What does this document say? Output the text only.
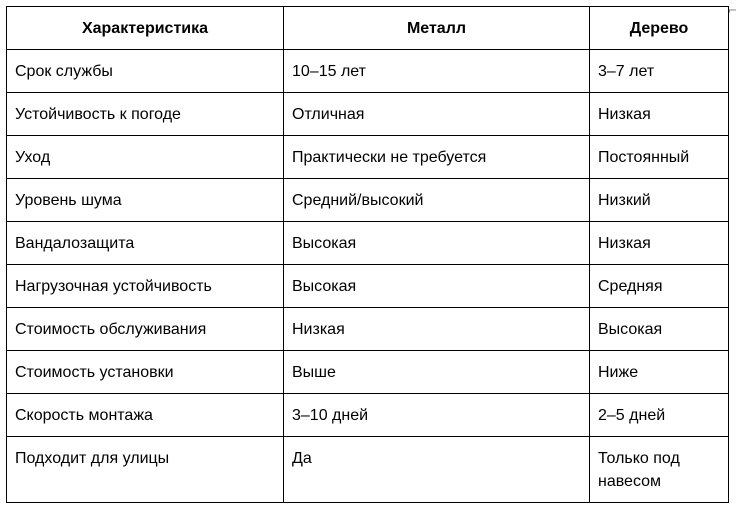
Характеристика	Металл	Дерево
Срок службы	10–15 лет	3–7 лет
Устойчивость к погоде	Отличная	Низкая
Уход	Практически не требуется	Постоянный
Уровень шума	Средний/высокий	Низкий
Вандалозащита	Высокая	Низкая
Нагрузочная устойчивость	Высокая	Средняя
Стоимость обслуживания	Низкая	Высокая
Стоимость установки	Выше	Ниже
Скорость монтажа	3–10 дней	2–5 дней
Подходит для улицы	Да	Только под навесом
⌐
